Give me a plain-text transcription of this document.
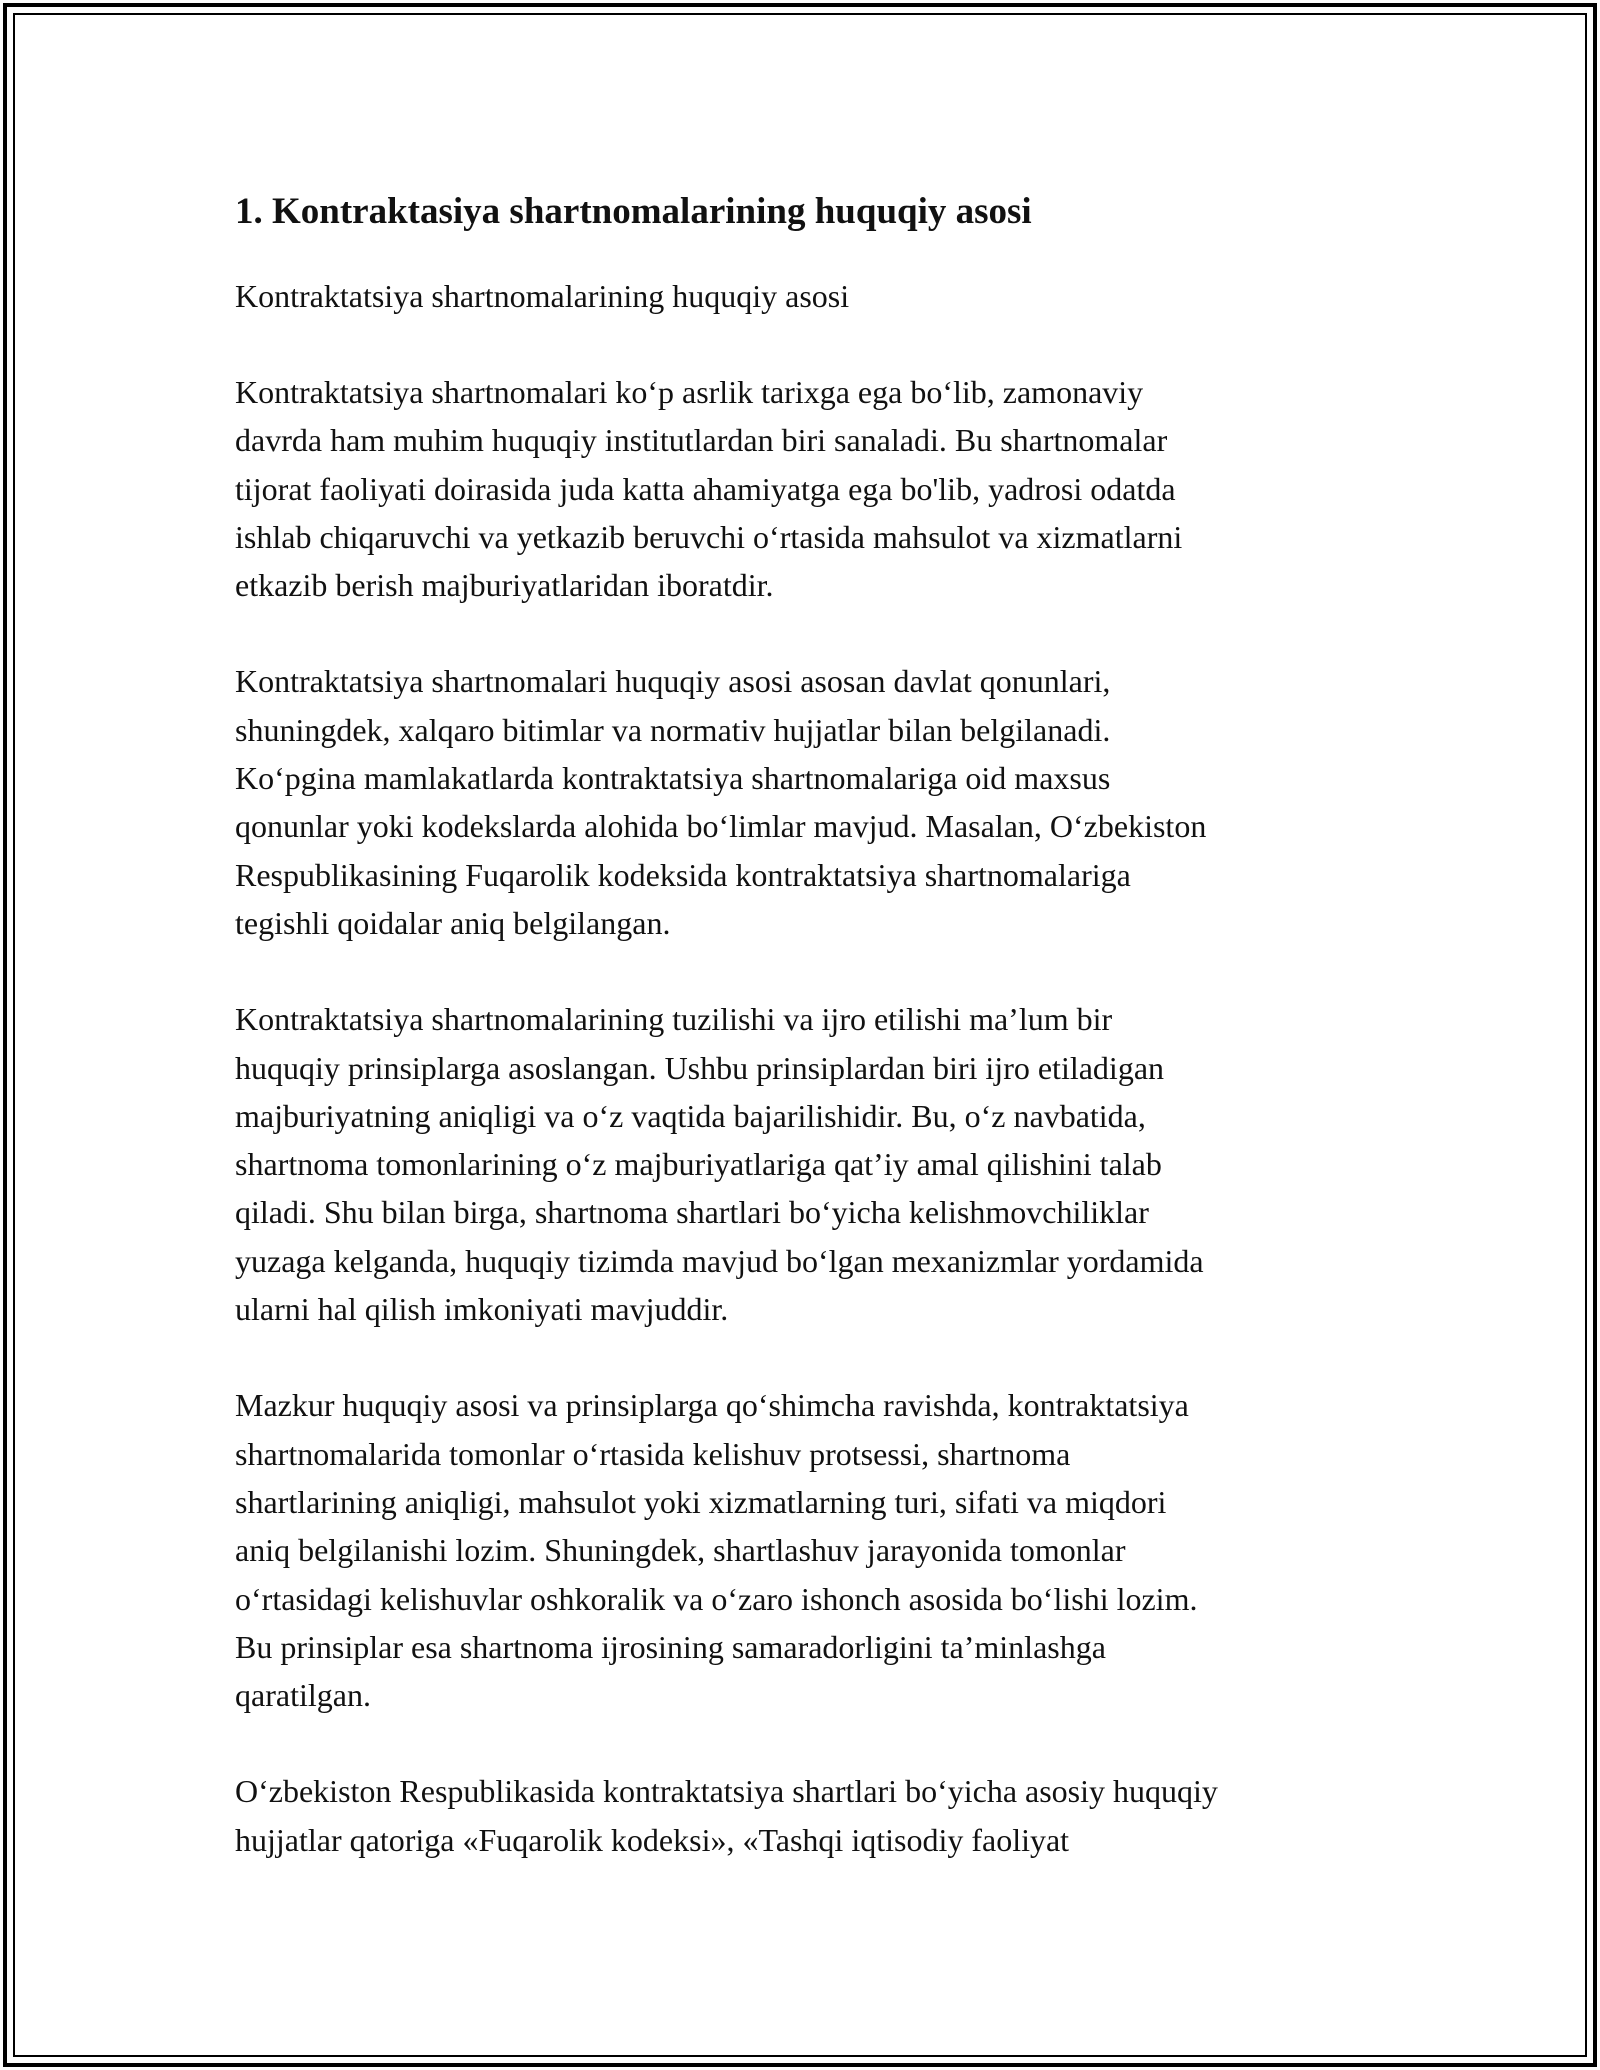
1. Kontraktasiya shartnomalarining huquqiy asosi

Kontraktatsiya shartnomalarining huquqiy asosi

Kontraktatsiya shartnomalari koʻp asrlik tarixga ega boʻlib, zamonaviy
davrda ham muhim huquqiy institutlardan biri sanaladi. Bu shartnomalar
tijorat faoliyati doirasida juda katta ahamiyatga ega bo'lib, yadrosi odatda
ishlab chiqaruvchi va yetkazib beruvchi oʻrtasida mahsulot va xizmatlarni
etkazib berish majburiyatlaridan iboratdir.

Kontraktatsiya shartnomalari huquqiy asosi asosan davlat qonunlari,
shuningdek, xalqaro bitimlar va normativ hujjatlar bilan belgilanadi.
Koʻpgina mamlakatlarda kontraktatsiya shartnomalariga oid maxsus
qonunlar yoki kodekslarda alohida boʻlimlar mavjud. Masalan, Oʻzbekiston
Respublikasining Fuqarolik kodeksida kontraktatsiya shartnomalariga
tegishli qoidalar aniq belgilangan.

Kontraktatsiya shartnomalarining tuzilishi va ijro etilishi maʼlum bir
huquqiy prinsiplarga asoslangan. Ushbu prinsiplardan biri ijro etiladigan
majburiyatning aniqligi va oʻz vaqtida bajarilishidir. Bu, oʻz navbatida,
shartnoma tomonlarining oʻz majburiyatlariga qatʼiy amal qilishini talab
qiladi. Shu bilan birga, shartnoma shartlari boʻyicha kelishmovchiliklar
yuzaga kelganda, huquqiy tizimda mavjud boʻlgan mexanizmlar yordamida
ularni hal qilish imkoniyati mavjuddir.

Mazkur huquqiy asosi va prinsiplarga qoʻshimcha ravishda, kontraktatsiya
shartnomalarida tomonlar oʻrtasida kelishuv protsessi, shartnoma
shartlarining aniqligi, mahsulot yoki xizmatlarning turi, sifati va miqdori
aniq belgilanishi lozim. Shuningdek, shartlashuv jarayonida tomonlar
oʻrtasidagi kelishuvlar oshkoralik va oʻzaro ishonch asosida boʻlishi lozim.
Bu prinsiplar esa shartnoma ijrosining samaradorligini taʼminlashga
qaratilgan.

Oʻzbekiston Respublikasida kontraktatsiya shartlari boʻyicha asosiy huquqiy
hujjatlar qatoriga «Fuqarolik kodeksi», «Tashqi iqtisodiy faoliyat
